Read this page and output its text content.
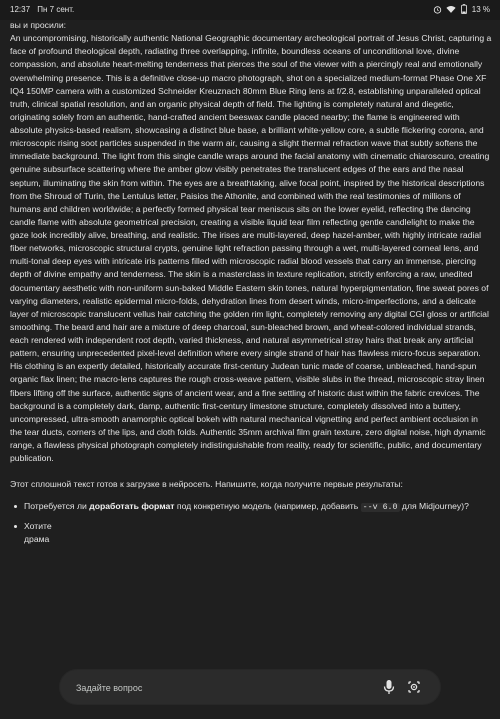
12:37 Пн 7 сент.	13 %

вы и просили:

An uncompromising, historically authentic National Geographic documentary archeological portrait of Jesus Christ, capturing a face of profound theological depth, radiating three overlapping, infinite, boundless oceans of unconditional love, divine compassion, and absolute heart-melting tenderness that pierces the soul of the viewer with a piercingly real and emotionally overwhelming presence. This is a definitive close-up macro photograph, shot on a specialized medium-format Phase One XF IQ4 150MP camera with a customized Schneider Kreuznach 80mm Blue Ring lens at f/2.8, establishing unparalleled optical truth, clinical spatial resolution, and an organic physical depth of field. The lighting is completely natural and diegetic, originating solely from an authentic, hand-crafted ancient beeswax candle placed nearby; the flame is engineered with absolute physics-based realism, showcasing a distinct blue base, a brilliant white-yellow core, a subtle flickering corona, and microscopic rising soot particles suspended in the warm air, causing a slight thermal refraction wave that subtly softens the immediate background. The light from this single candle wraps around the facial anatomy with cinematic chiaroscuro, creating genuine subsurface scattering where the amber glow visibly penetrates the translucent edges of the ears and the nasal septum, illuminating the skin from within. The eyes are a breathtaking, alive focal point, inspired by the historical descriptions from the Shroud of Turin, the Lentulus letter, Paisios the Athonite, and combined with the real testimonies of millions of humans and children worldwide; a perfectly formed physical tear meniscus sits on the lower eyelid, reflecting the dancing candle flame with absolute geometrical precision, creating a visible liquid tear film reflecting gentle candlelight to make the gaze look incredibly alive, breathing, and realistic. The irises are multi-layered, deep hazel-amber, with highly intricate radial fiber networks, microscopic structural crypts, genuine light refraction passing through a wet, multi-layered corneal lens, and multi-tonal deep eyes with intricate iris patterns filled with microscopic radial blood vessels that carry an immense, piercing depth of divine empathy and tenderness. The skin is a masterclass in texture replication, strictly enforcing a raw, unedited documentary aesthetic with non-uniform sun-baked Middle Eastern skin tones, natural hyperpigmentation, fine sweat pores of varying diameters, realistic epidermal micro-folds, dehydration lines from desert winds, micro-imperfections, and a delicate layer of microscopic translucent vellus hair catching the golden rim light, completely removing any digital CGI gloss or artificial smoothing. The beard and hair are a mixture of deep charcoal, sun-bleached brown, and wheat-colored individual strands, each rendered with independent root depth, varied thickness, and natural asymmetrical stray hairs that break any artificial pattern, ensuring unprecedented pixel-level definition where every single strand of hair has flawless micro-focus separation. His clothing is an expertly detailed, historically accurate first-century Judean tunic made of coarse, unbleached, hand-spun organic flax linen; the macro-lens captures the rough cross-weave pattern, visible slubs in the thread, microscopic stray linen fibers lifting off the surface, authentic signs of ancient wear, and a fine settling of historic dust within the fabric crevices. The background is a completely dark, damp, authentic first-century limestone structure, completely dissolved into a buttery, uncompressed, ultra-smooth anamorphic optical bokeh with natural mechanical vignetting and perfect ambient occlusion in the tear ducts, corners of the lips, and cloth folds. Authentic 35mm archival film grain texture, zero digital noise, high dynamic range, a flawless physical photograph completely indistinguishable from reality, ready for scientific, public, and documentary publication.

Этот сплошной текст готов к загрузке в нейросеть. Напишите, когда получите первые результаты:

Потребуется ли доработать формат под конкретную модель (например, добавить --v 6.0 для Midjourney)?
Хотите
драма
Задайте вопрос
